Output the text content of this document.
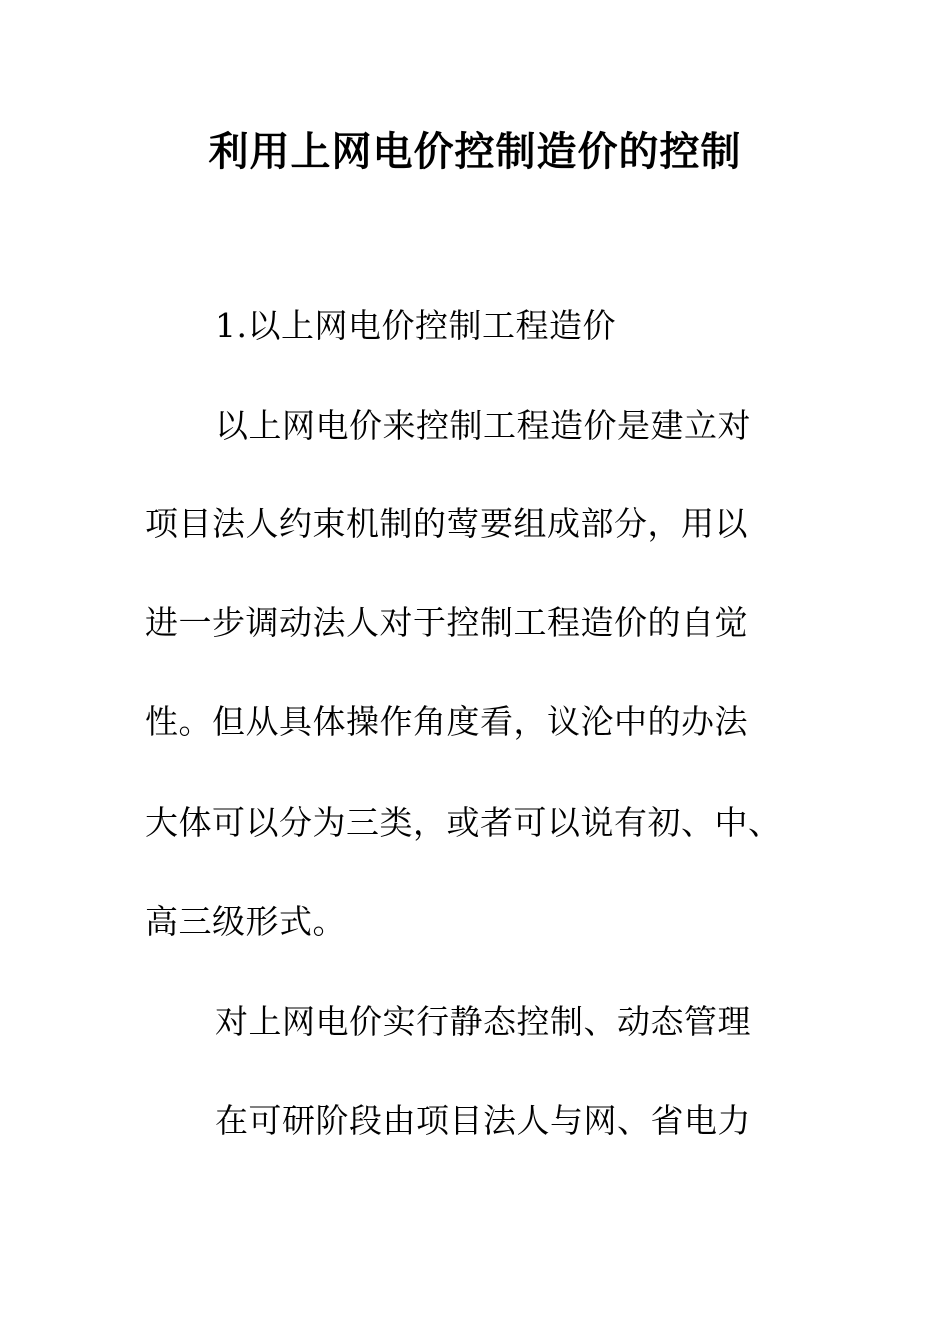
利用上网电价控制造价的控制
1.以上网电价控制工程造价
以上网电价来控制工程造价是建立对
项目法人约束机制的莺要组成部分，用以
进一步调动法人对于控制工程造价的自觉
性。但从具体操作角度看，议沦中的办法
大体可以分为三类，或者可以说有初、中、
高三级形式。
对上网电价实行静态控制、动态管理
在可研阶段由项目法人与网、省电力
